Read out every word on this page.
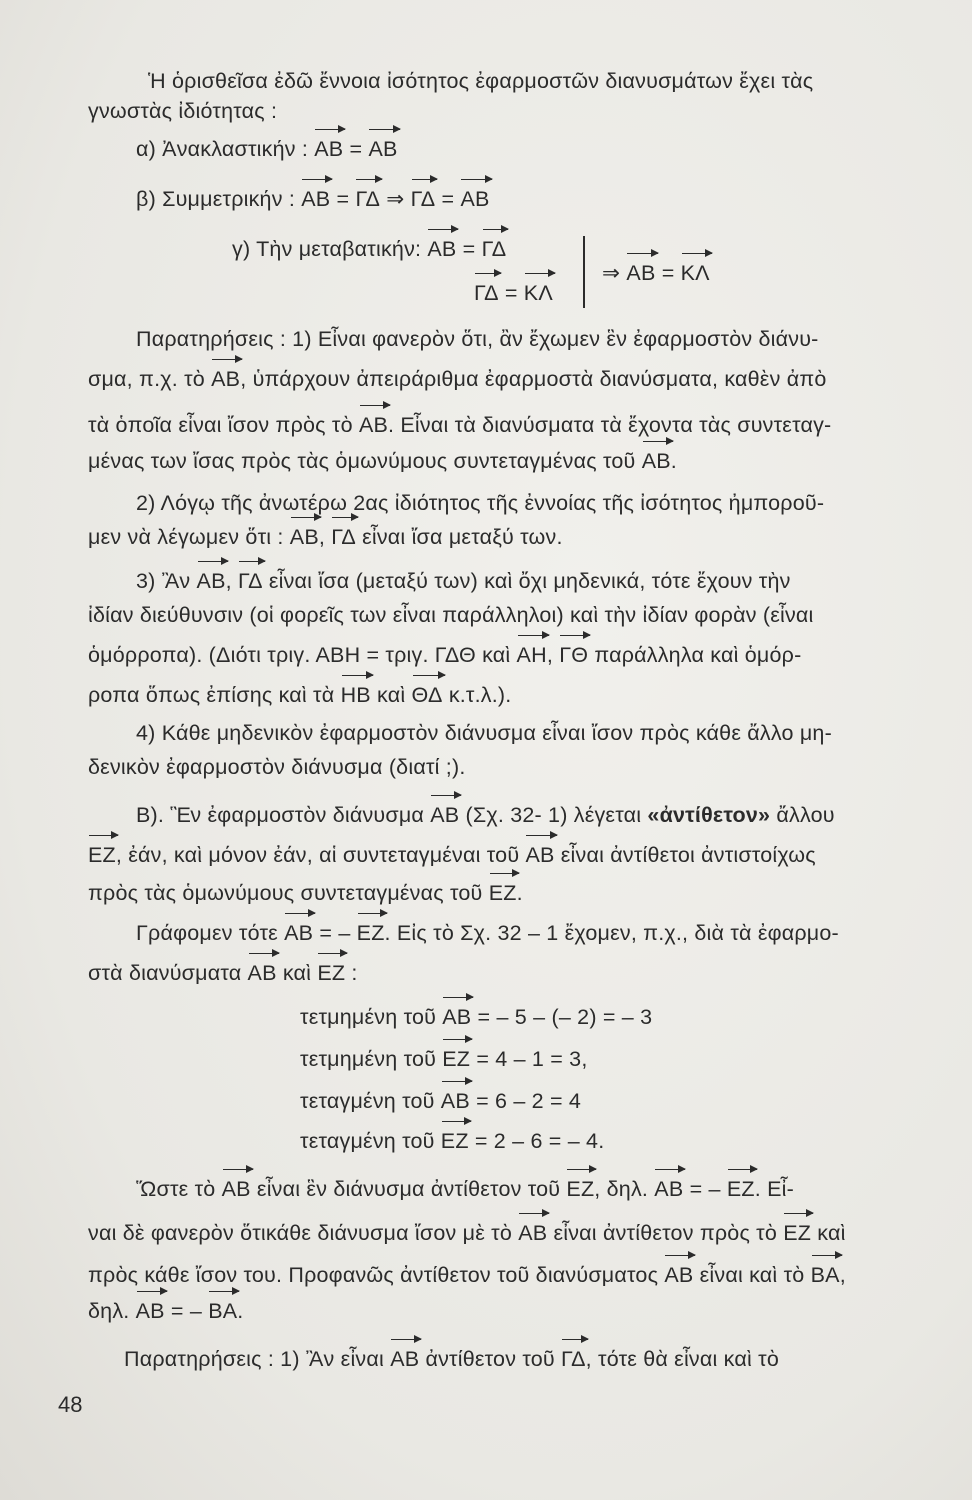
Ἡ ὁρισθεῖσα ἐδῶ ἔννοια ἰσότητος ἐφαρμοστῶν διανυσμάτων ἔχει τὰς
γνωστὰς ἰδιότητας :
α) Ἀνακλαστικήν : AB = AB
β) Συμμετρικήν : AB = ΓΔ ⇒ ΓΔ = AB
γ) Τὴν μεταβατικήν: AB = ΓΔ
ΓΔ = ΚΛ
⇒ AB = ΚΛ
Παρατηρήσεις : 1) Εἶναι φανερὸν ὅτι, ἂν ἔχωμεν ἓν ἐφαρμοστὸν διάνυ-
σμα, π.χ. τὸ AB, ὑπάρχουν ἀπειράριθμα ἐφαρμοστὰ διανύσματα, καθὲν ἀπὸ
τὰ ὁποῖα εἶναι ἴσον πρὸς τὸ AB. Εἶναι τὰ διανύσματα τὰ ἔχοντα τὰς συντεταγ-
μένας των ἴσας πρὸς τὰς ὁμωνύμους συντεταγμένας τοῦ AB.
2) Λόγῳ τῆς ἀνωτέρω 2ας ἰδιότητος τῆς ἐννοίας τῆς ἰσότητος ἠμποροῦ-
μεν νὰ λέγωμεν ὅτι : AB, ΓΔ εἶναι ἴσα μεταξύ των.
3) Ἂν AB, ΓΔ εἶναι ἴσα (μεταξύ των) καὶ ὄχι μηδενικά, τότε ἔχουν τὴν
ἰδίαν διεύθυνσιν (οἱ φορεῖς των εἶναι παράλληλοι) καὶ τὴν ἰδίαν φορὰν (εἶναι
ὁμόρροπα). (Διότι τριγ. ΑΒΗ = τριγ. ΓΔΘ καὶ ΑΗ, ΓΘ παράλληλα καὶ ὁμόρ-
ροπα ὅπως ἐπίσης καὶ τὰ ΗΒ καὶ ΘΔ κ.τ.λ.).
4) Κάθε μηδενικὸν ἐφαρμοστὸν διάνυσμα εἶναι ἴσον πρὸς κάθε ἄλλο μη-
δενικὸν ἐφαρμοστὸν διάνυσμα (διατί ;).
Β). Ἓν ἐφαρμοστὸν διάνυσμα AB (Σχ. 32- 1) λέγεται «ἀντίθετον» ἄλλου
ΕΖ, ἐάν, καὶ μόνον ἐάν, αἱ συντεταγμέναι τοῦ AB εἶναι ἀντίθετοι ἀντιστοίχως
πρὸς τὰς ὁμωνύμους συντεταγμένας τοῦ ΕΖ.
Γράφομεν τότε AB = – ΕΖ. Εἰς τὸ Σχ. 32 – 1 ἔχομεν, π.χ., διὰ τὰ ἐφαρμο-
στὰ διανύσματα AB καὶ ΕΖ :
τετμημένη τοῦ AB = – 5 – (– 2) = – 3
τετμημένη τοῦ ΕΖ = 4 – 1 = 3,
τεταγμένη τοῦ AB = 6 – 2 = 4
τεταγμένη τοῦ ΕΖ = 2 – 6 = – 4.
Ὥστε τὸ AB εἶναι ἓν διάνυσμα ἀντίθετον τοῦ ΕΖ, δηλ. AB = – ΕΖ. Εἶ-
ναι δὲ φανερὸν ὅτικάθε διάνυσμα ἴσον μὲ τὸ AB εἶναι ἀντίθετον πρὸς τὸ ΕΖ καὶ
πρὸς κάθε ἴσον του. Προφανῶς ἀντίθετον τοῦ διανύσματος AB εἶναι καὶ τὸ ΒΑ,
δηλ. AB = – ΒΑ.
Παρατηρήσεις : 1) Ἂν εἶναι AB ἀντίθετον τοῦ ΓΔ, τότε θὰ εἶναι καὶ τὸ
48
